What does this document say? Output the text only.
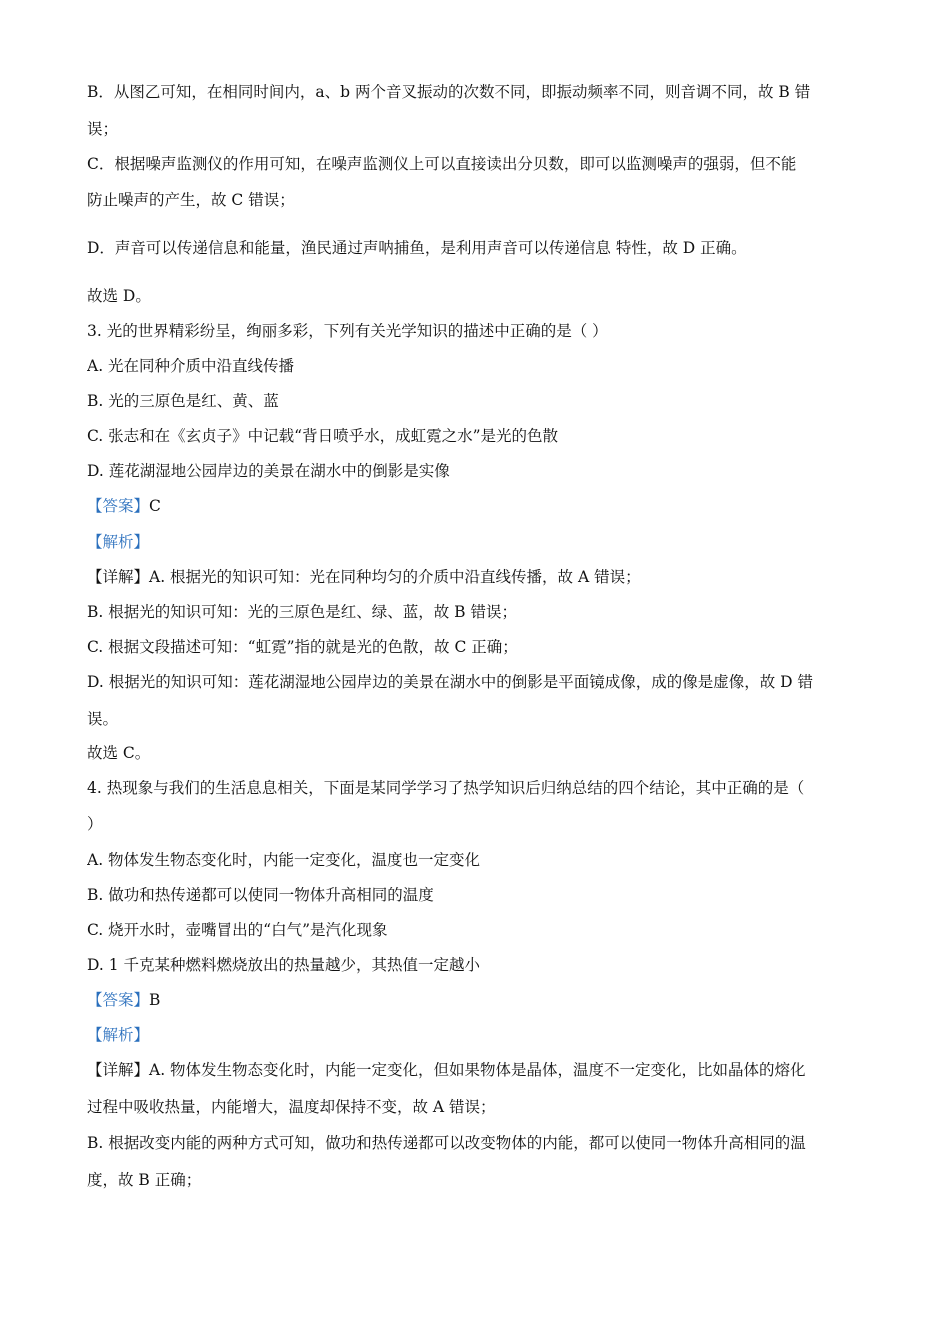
B．从图乙可知，在相同时间内，a、b 两个音叉振动的次数不同，即振动频率不同，则音调不同，故 B 错
误；
C．根据噪声监测仪的作用可知，在噪声监测仪上可以直接读出分贝数，即可以监测噪声的强弱，但不能
防止噪声的产生，故 C 错误；
D．声音可以传递信息和能量，渔民通过声呐捕鱼，是利用声音可以传递信息 特性，故 D 正确。
故选 D。
3. 光的世界精彩纷呈，绚丽多彩，下列有关光学知识的描述中正确的是（ ）
A. 光在同种介质中沿直线传播
B. 光的三原色是红、黄、蓝
C. 张志和在《玄贞子》中记载“背日喷乎水，成虹霓之水”是光的色散
D. 莲花湖湿地公园岸边的美景在湖水中的倒影是实像
【答案】C
【解析】
【详解】A. 根据光的知识可知：光在同种均匀的介质中沿直线传播，故 A 错误；
B. 根据光的知识可知：光的三原色是红、绿、蓝，故 B 错误；
C. 根据文段描述可知：“虹霓”指的就是光的色散，故 C 正确；
D. 根据光的知识可知：莲花湖湿地公园岸边的美景在湖水中的倒影是平面镜成像，成的像是虚像，故 D 错
误。
故选 C。
4. 热现象与我们的生活息息相关，下面是某同学学习了热学知识后归纳总结的四个结论，其中正确的是（
）
A. 物体发生物态变化时，内能一定变化，温度也一定变化
B. 做功和热传递都可以使同一物体升高相同的温度
C. 烧开水时，壶嘴冒出的“白气”是汽化现象
D. 1 千克某种燃料燃烧放出的热量越少，其热值一定越小
【答案】B
【解析】
【详解】A. 物体发生物态变化时，内能一定变化，但如果物体是晶体，温度不一定变化，比如晶体的熔化
过程中吸收热量，内能增大，温度却保持不变，故 A 错误；
B. 根据改变内能的两种方式可知，做功和热传递都可以改变物体的内能，都可以使同一物体升高相同的温
度，故 B 正确；
